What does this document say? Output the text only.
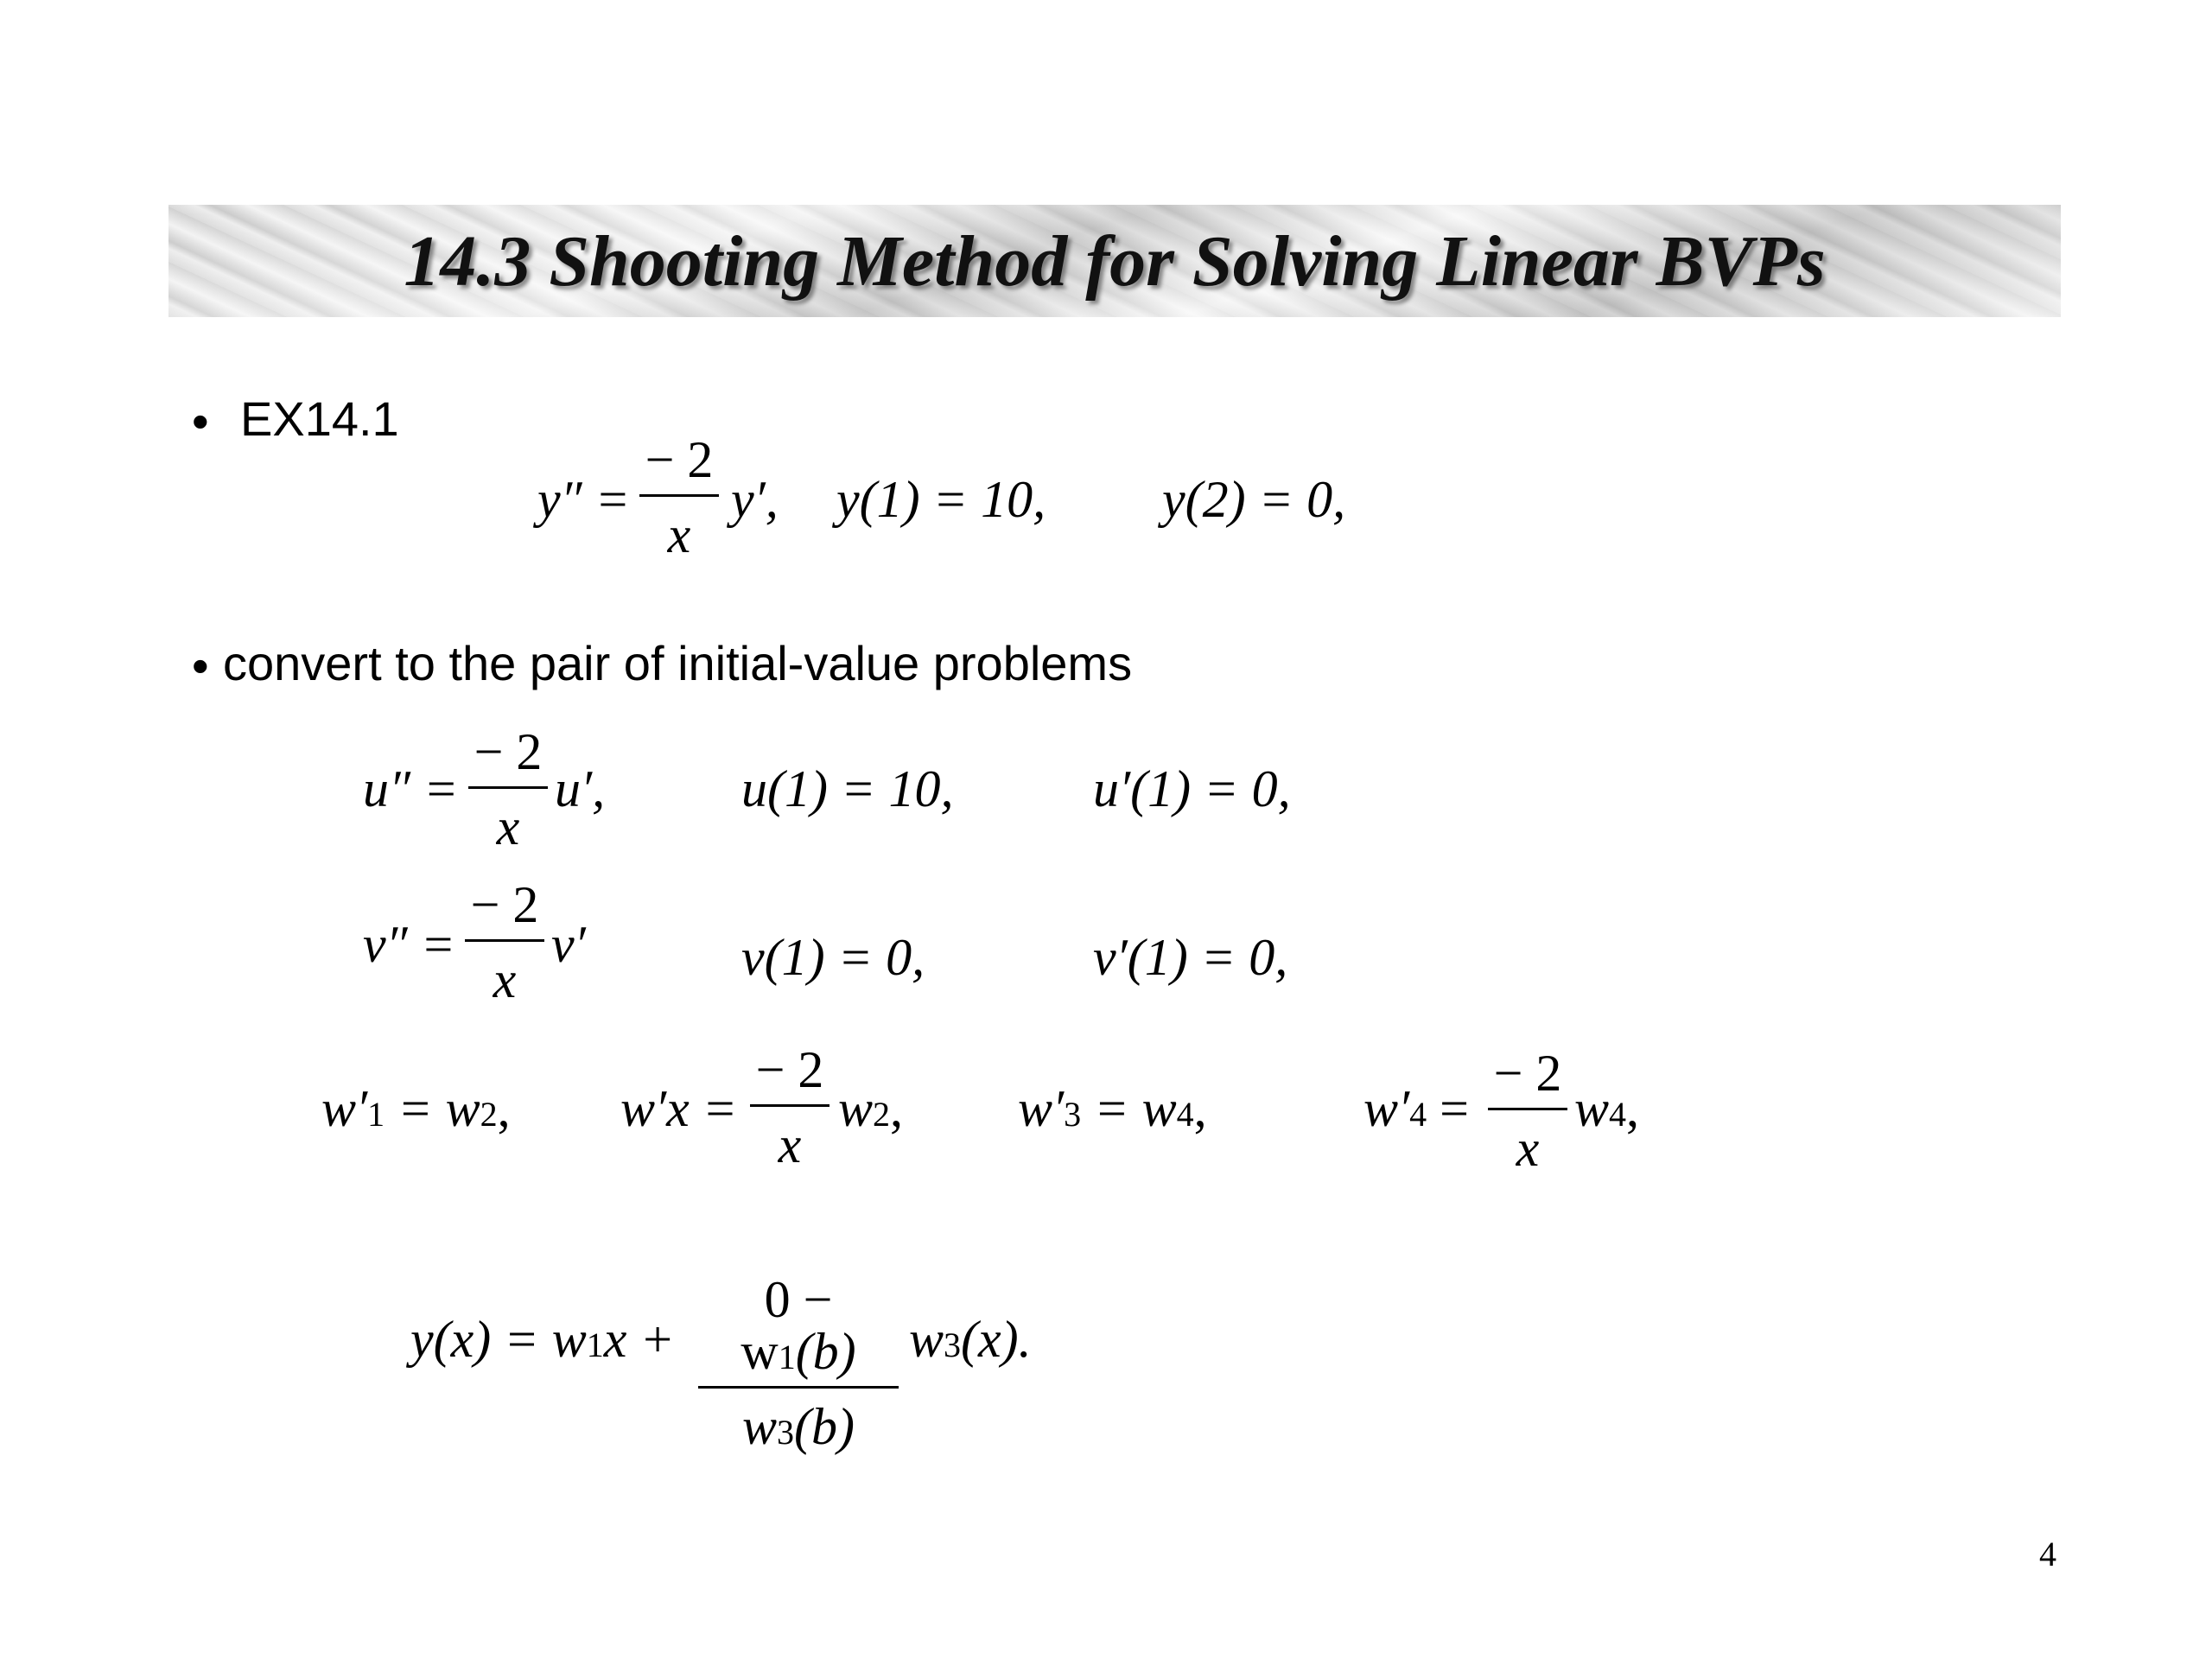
14.3 Shooting Method for Solving Linear BVPs
• EX14.1
y″ =
− 2
x
y′, y(1) = 10, y(2) = 0,
• convert to the pair of initial-value problems
u″ =
− 2
x
u′,	u(1) = 10,	u′(1) = 0,
v″ =
− 2
x
v′	v(1) = 0,	v′(1) = 0,
w′1 = w2, w′x =
− 2
x
w2, w′3 = w4,	w′4 =
− 2
x
w4,
y(x) = w1x +
0 − w1(b)
w3(b)
w3(x).
4
